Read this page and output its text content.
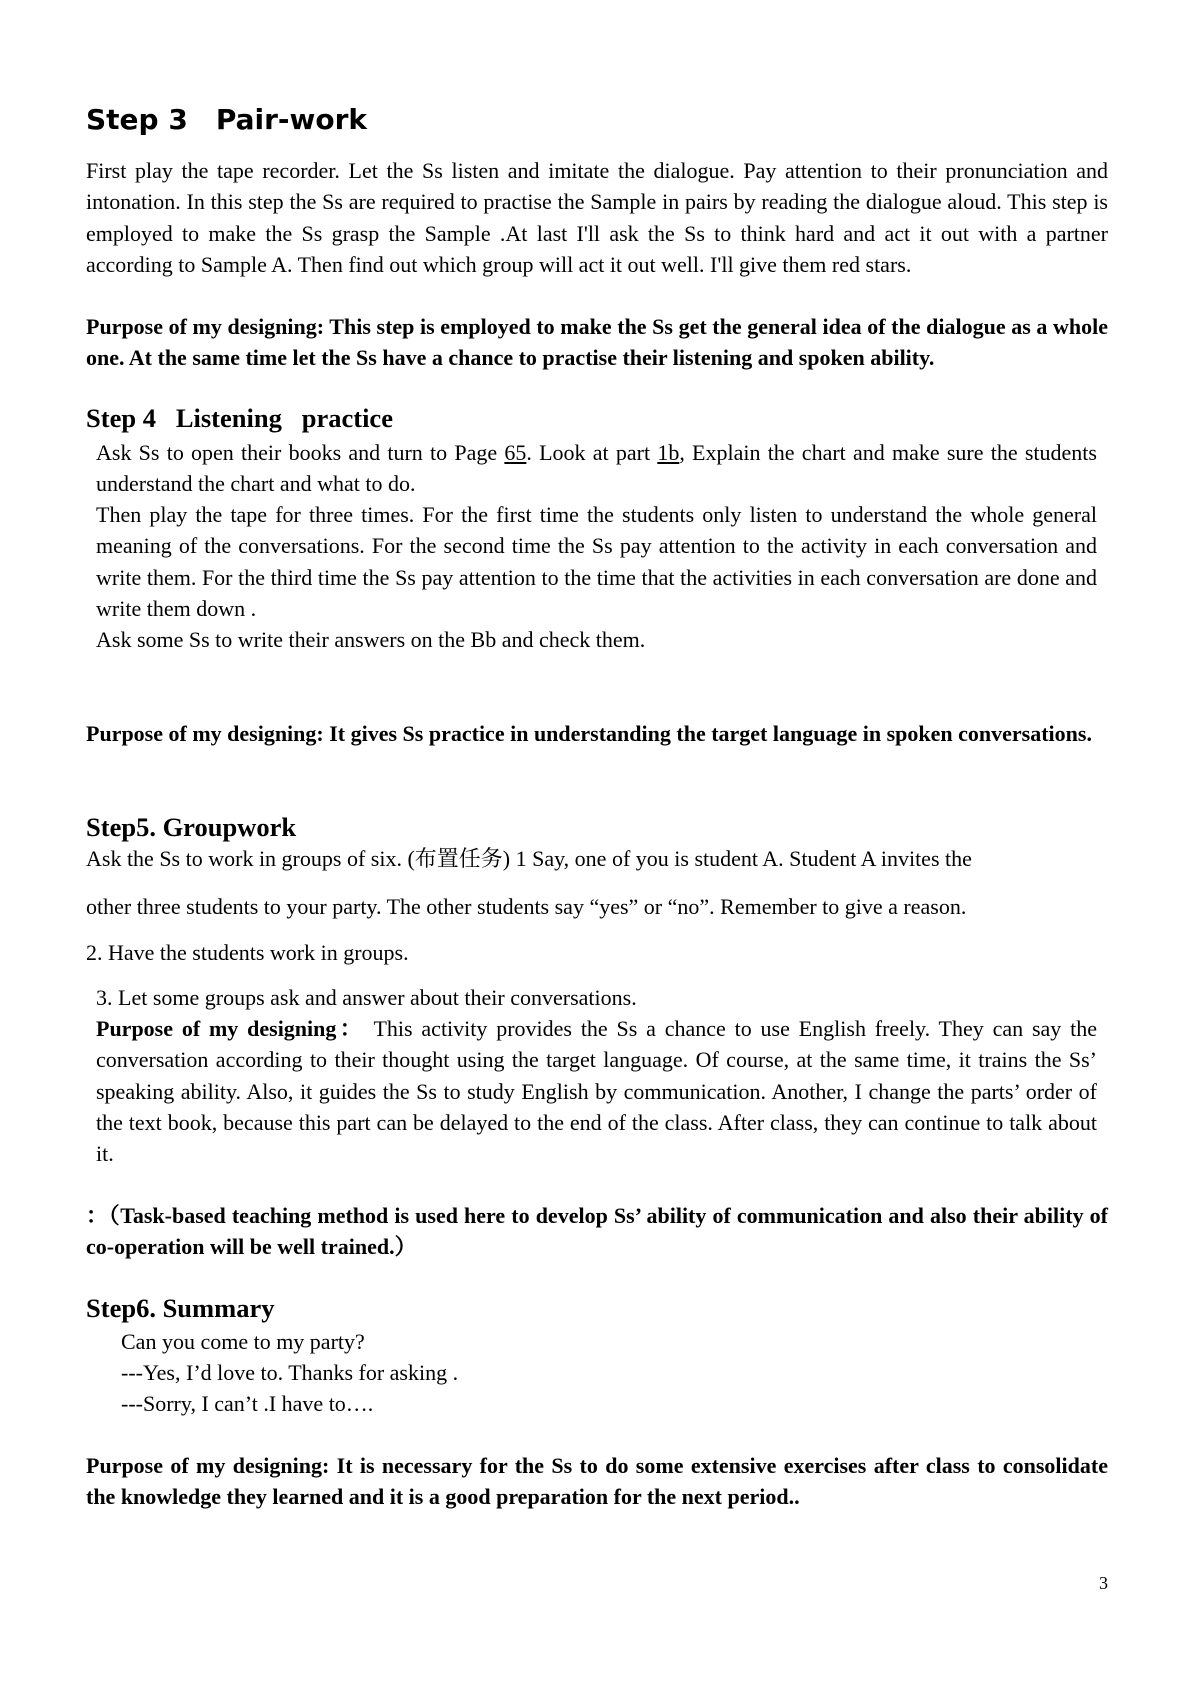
Step 3 Pair-work

First play the tape recorder. Let the Ss listen and imitate the dialogue. Pay attention to their pronunciation and intonation. In this step the Ss are required to practise the Sample in pairs by reading the dialogue aloud. This step is employed to make the Ss grasp the Sample .At last I'll ask the Ss to think hard and act it out with a partner according to Sample A. Then find out which group will act it out well. I'll give them red stars.

Purpose of my designing: This step is employed to make the Ss get the general idea of the dialogue as a whole one. At the same time let the Ss have a chance to practise their listening and spoken ability.

Step 4 Listening practice

Ask Ss to open their books and turn to Page 65. Look at part 1b, Explain the chart and make sure the students understand the chart and what to do.

Then play the tape for three times. For the first time the students only listen to understand the whole general meaning of the conversations. For the second time the Ss pay attention to the activity in each conversation and write them. For the third time the Ss pay attention to the time that the activities in each conversation are done and write them down .

Ask some Ss to write their answers on the Bb and check them.

Purpose of my designing: It gives Ss practice in understanding the target language in spoken conversations.

Step5. Groupwork

Ask the Ss to work in groups of six. (布置任务) 1 Say, one of you is student A. Student A invites the

other three students to your party. The other students say “yes” or “no”. Remember to give a reason.

2. Have the students work in groups.

3. Let some groups ask and answer about their conversations.

Purpose of my designing： This activity provides the Ss a chance to use English freely. They can say the conversation according to their thought using the target language. Of course, at the same time, it trains the Ss’ speaking ability. Also, it guides the Ss to study English by communication. Another, I change the parts’ order of the text book, because this part can be delayed to the end of the class. After class, they can continue to talk about it.

：（Task-based teaching method is used here to develop Ss’ ability of communication and also their ability of co-operation will be well trained.）

Step6. Summary

Can you come to my party?

---Yes, I’d love to. Thanks for asking .

---Sorry, I can’t .I have to….

Purpose of my designing: It is necessary for the Ss to do some extensive exercises after class to consolidate the knowledge they learned and it is a good preparation for the next period..

3
